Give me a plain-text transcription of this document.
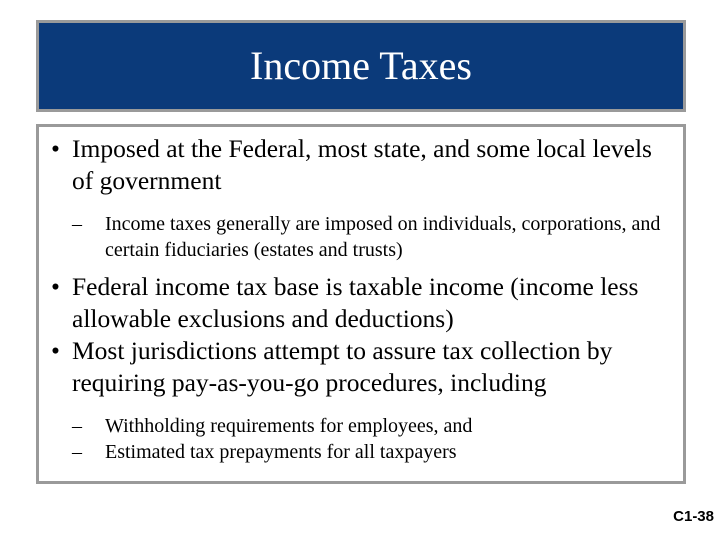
Income Taxes
• Imposed at the Federal, most state, and some local levels of government
–	Income taxes generally are imposed on individuals, corporations, and certain fiduciaries (estates and trusts)
• Federal income tax base is taxable income (income less allowable exclusions and deductions)
• Most jurisdictions attempt to assure tax collection by requiring pay-as-you-go procedures, including
–	Withholding requirements for employees, and
–	Estimated tax prepayments for all taxpayers
C1-38
